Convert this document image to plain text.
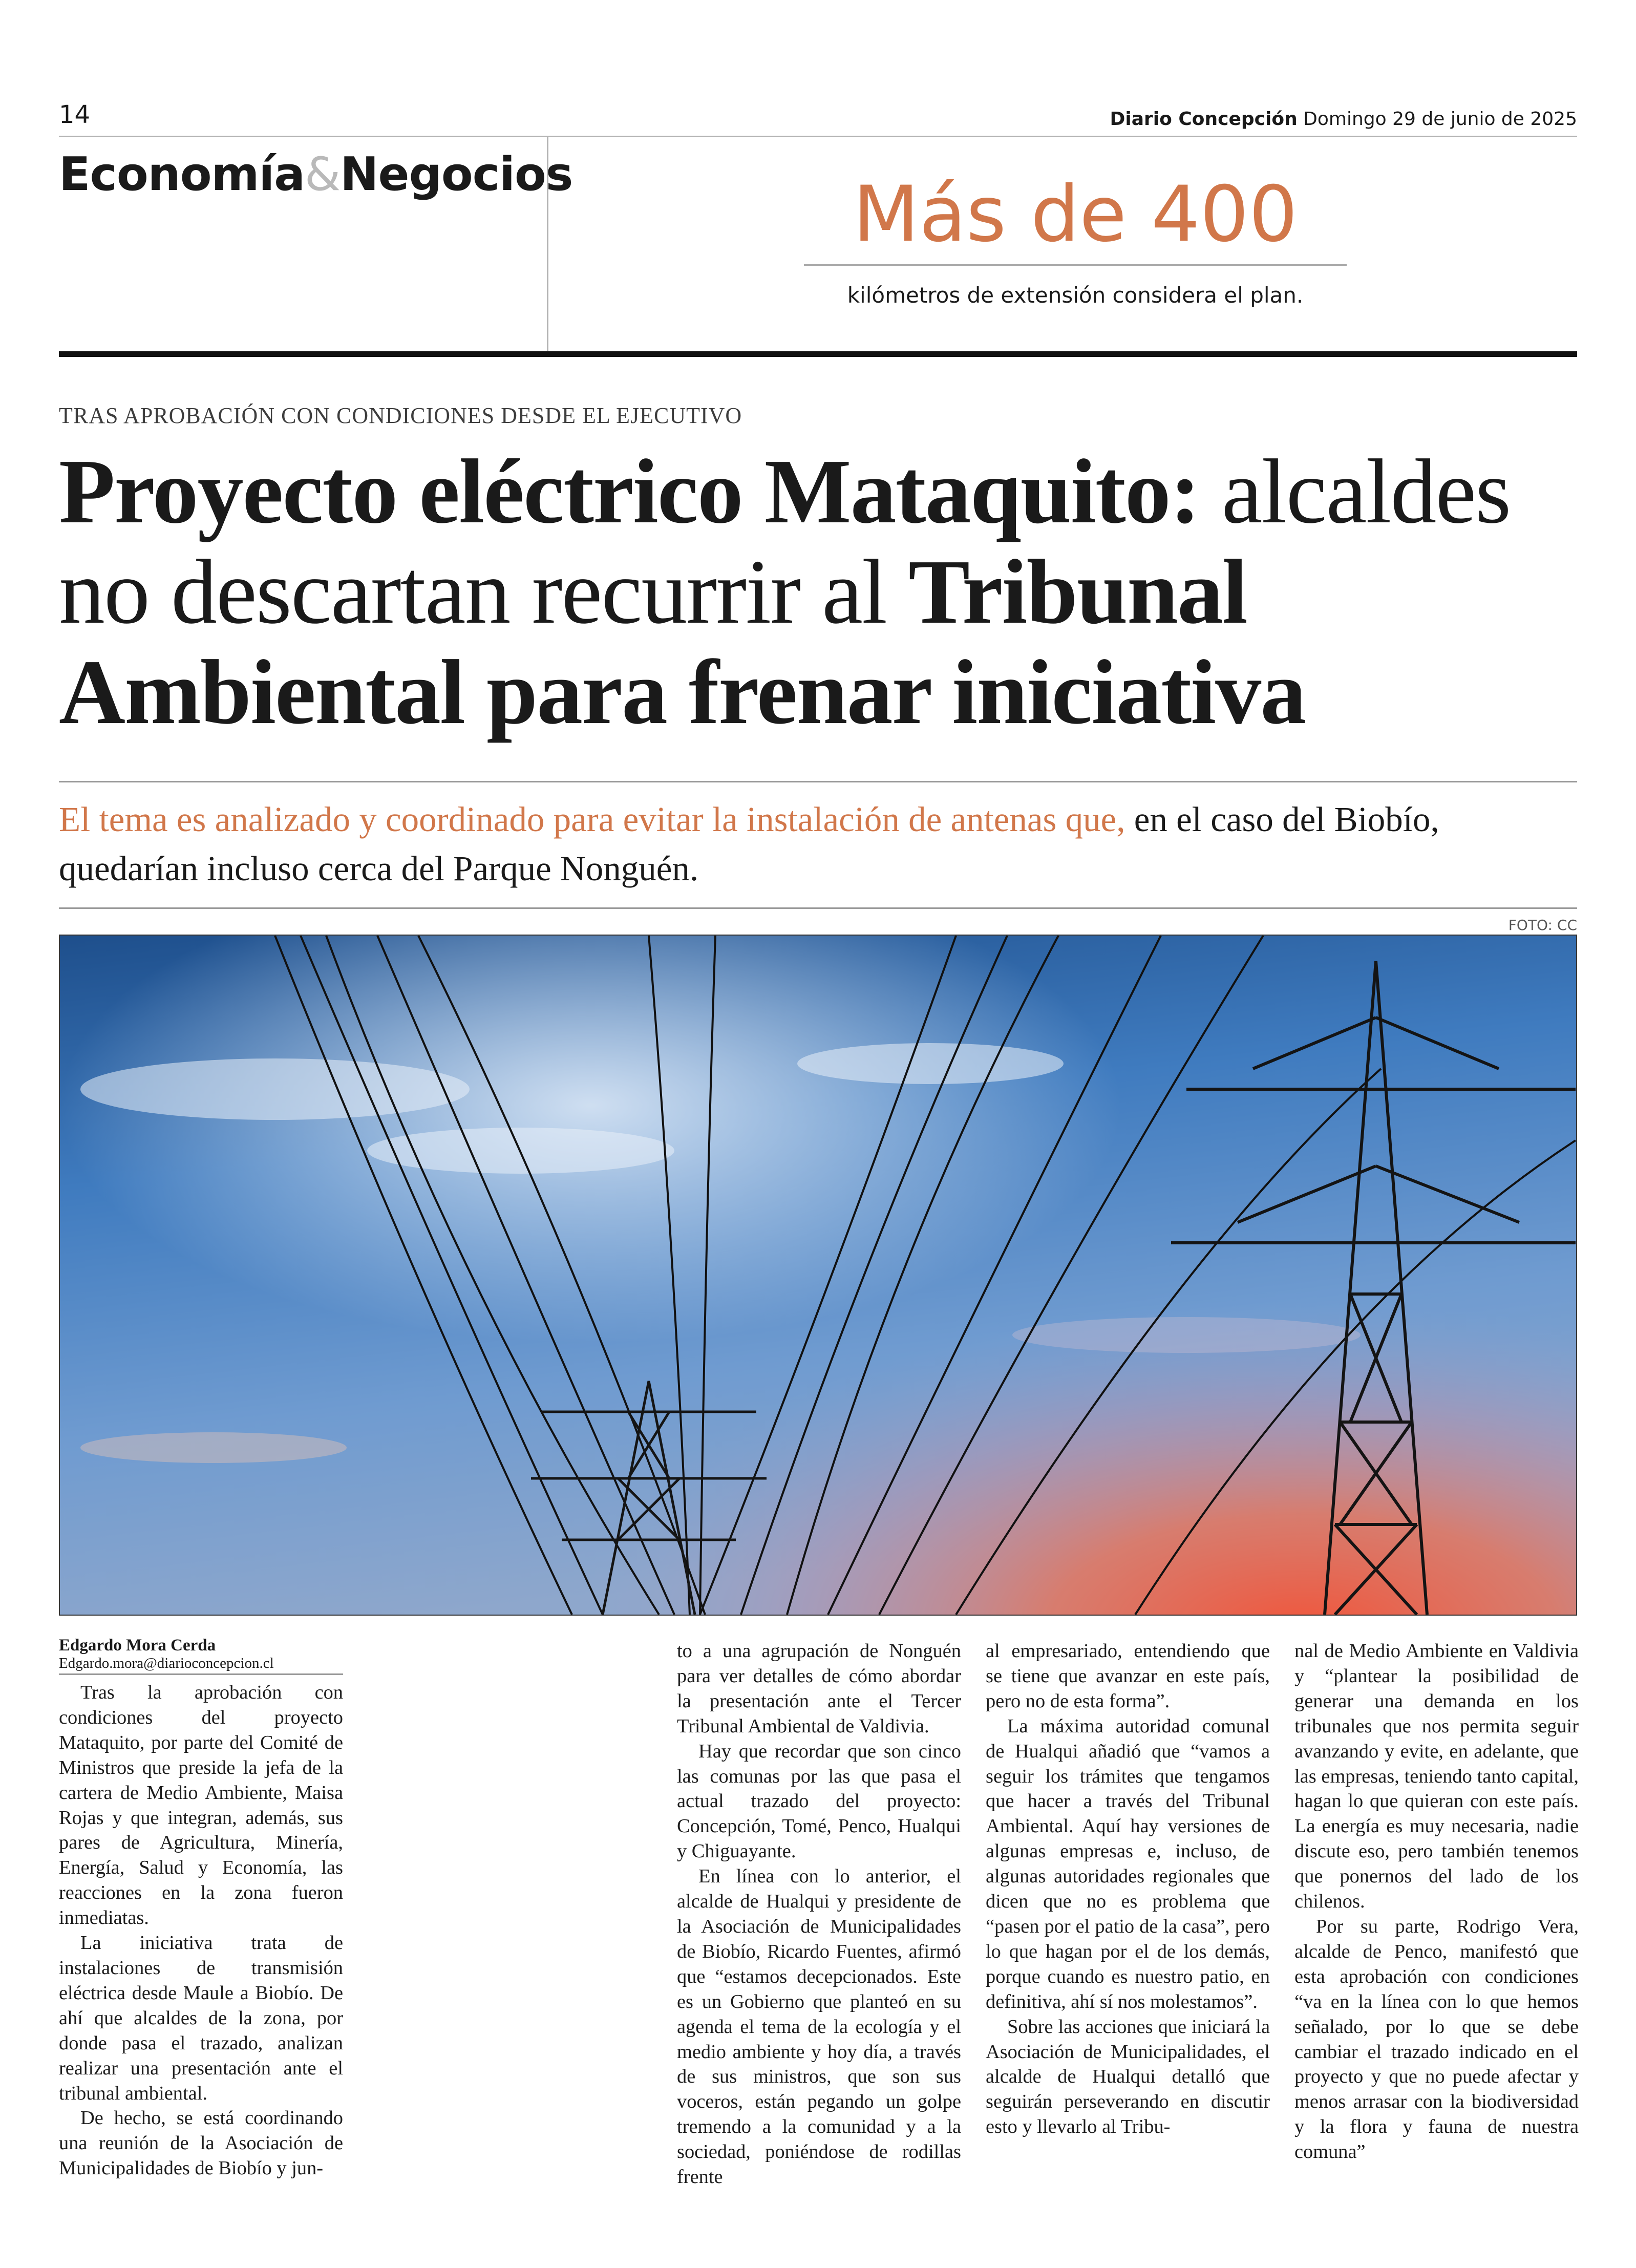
14	Diario Concepción Domingo 29 de junio de 2025
Economía&Negocios	Más de 400
kilómetros de extensión considera el plan.
TRAS APROBACIÓN CON CONDICIONES DESDE EL EJECUTIVO
Proyecto eléctrico Mataquito: alcaldes no descartan recurrir al Tribunal Ambiental para frenar iniciativa
El tema es analizado y coordinado para evitar la instalación de antenas que, en el caso del Biobío, quedarían incluso cerca del Parque Nonguén.
FOTO: CC
Edgardo Mora Cerda
Edgardo.mora@diarioconcepcion.cl

Tras la aprobación con condiciones del proyecto Mataquito, por parte del Comité de Ministros que preside la jefa de la cartera de Medio Ambiente, Maisa Rojas y que integran, además, sus pares de Agricultura, Minería, Energía, Salud y Economía, las reacciones en la zona fueron inmediatas.

La iniciativa trata de instalaciones de transmisión eléctrica desde Maule a Biobío. De ahí que alcaldes de la zona, por donde pasa el trazado, analizan realizar una presentación ante el tribunal ambiental.

De hecho, se está coordinando una reunión de la Asociación de Municipalidades de Biobío y jun-

to a una agrupación de Nonguén para ver detalles de cómo abordar la presentación ante el Tercer Tribunal Ambiental de Valdivia.

Hay que recordar que son cinco las comunas por las que pasa el actual trazado del proyecto: Concepción, Tomé, Penco, Hualqui y Chiguayante.

En línea con lo anterior, el alcalde de Hualqui y presidente de la Asociación de Municipalidades de Biobío, Ricardo Fuentes, afirmó que “estamos decepcionados. Este es un Gobierno que planteó en su agenda el tema de la ecología y el medio ambiente y hoy día, a través de sus ministros, que son sus voceros, están pegando un golpe tremendo a la comunidad y a la sociedad, poniéndose de rodillas frente

al empresariado, entendiendo que se tiene que avanzar en este país, pero no de esta forma”.

La máxima autoridad comunal de Hualqui añadió que “vamos a seguir los trámites que tengamos que hacer a través del Tribunal Ambiental. Aquí hay versiones de algunas empresas e, incluso, de algunas autoridades regionales que dicen que no es problema que “pasen por el patio de la casa”, pero lo que hagan por el de los demás, porque cuando es nuestro patio, en definitiva, ahí sí nos molestamos”.

Sobre las acciones que iniciará la Asociación de Municipalidades, el alcalde de Hualqui detalló que seguirán perseverando en discutir esto y llevarlo al Tribu-

nal de Medio Ambiente en Valdivia y “plantear la posibilidad de generar una demanda en los tribunales que nos permita seguir avanzando y evite, en adelante, que las empresas, teniendo tanto capital, hagan lo que quieran con este país. La energía es muy necesaria, nadie discute eso, pero también tenemos que ponernos del lado de los chilenos.

Por su parte, Rodrigo Vera, alcalde de Penco, manifestó que esta aprobación con condiciones “va en la línea con lo que hemos señalado, por lo que se debe cambiar el trazado indicado en el proyecto y que no puede afectar y menos arrasar con la biodiversidad y la flora y fauna de nuestra comuna”
